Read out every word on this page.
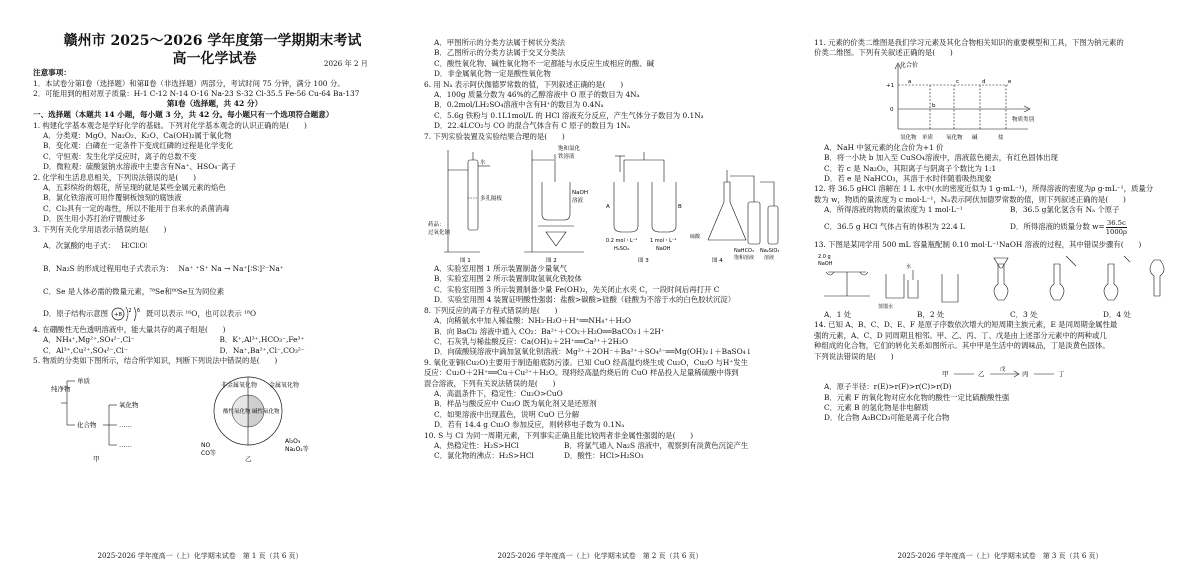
赣州市 2025～2026 学年度第一学期期末考试
高一化学试卷	2026 年 2 月
注意事项：
1．本试卷分第Ⅰ卷（选择题）和第Ⅱ卷（非选择题）两部分，考试时间 75 分钟，满分 100 分。
2．可能用到的相对原子质量：H-1 C-12 N-14 O-16 Na-23 S-32 Cl-35.5 Fe-56 Cu-64 Ba-137
第Ⅰ卷（选择题，共 42 分）
一、选择题（本题共 14 小题，每小题 3 分，共 42 分。每小题只有一个选项符合题意）
1. 构建化学基本观念是学好化学的基础。下列对化学基本观念的认识正确的是(　　)
A．分类观：MgO、Na₂O₂、K₂O、Ca(OH)₂属于氧化物
B．变化观：白磷在一定条件下变成红磷的过程是化学变化
C．守恒观：发生化学反应时，离子的总数不变
D．微粒观：硫酸氢钠水溶液中主要含有Na⁺、HSO₄⁻离子
2. 化学和生活息息相关，下列说法错误的是(　　)
A．五彩缤纷的烟花，所呈现的就是某些金属元素的焰色
B．氯化铁溶液可用作覆铜板蚀刻的腐蚀液
C．Cl₂具有一定的毒性，所以不能用于自来水的杀菌消毒
D．医生用小苏打治疗胃酸过多
3. 下列有关化学用语表示错误的是(　　)
A．次氯酸的电子式： H∶Cl∶O∶
B．Na₂S 的形成过程用电子式表示为： Na⁺ ⁺S⁺ Na → Na⁺[∶S∶]²⁻Na⁺
C．Se 是人体必需的微量元素，⁷⁸Se和⁸⁰Se互为同位素
D．原子结构示意图 +8
2 6 既可以表示 ¹⁶O，也可以表示 ¹⁸O
4. 在硼酸性无色透明溶液中，能大量共存的离子组是(　　)
A．NH₄⁺,Mg²⁺,SO₄²⁻,Cl⁻	B．K⁺,Al³⁺,HCO₃⁻,Fe³⁺
C．Al³⁺,Cu²⁺,SO₄²⁻,Cl⁻	D．Na⁺,Ba²⁺,Cl⁻,CO₃²⁻
5. 物质的分类如下图所示，结合所学知识，判断下列说法中错误的是(　　)
纯净物
单质
化合物
氧化物
……
……
甲
非金属氧化物 金属氧化物
碱性氧化物
酸性氧化物
NO
CO等
Al₂O₃
Na₂O₂等
乙
2025-2026 学年度高一（上）化学期末试卷　第 1 页（共 6 页）
A．甲图所示的分类方法属于树状分类法
B．乙图所示的分类方法属于交叉分类法
C．酸性氧化物、碱性氧化物不一定都能与水反应生成相应的酸、碱
D．非金属氧化物一定是酸性氧化物
6. 用 Nₐ 表示阿伏伽德罗常数的值，下列叙述正确的是(　　)
A．100g 质量分数为 46%的乙醇溶液中 O 原子的数目为 4Nₐ
B．0.2mol/LH₂SO₄溶液中含有H⁺的数目为 0.4Nₐ
C．5.6g 铁粉与 0.1L1mol/L 的 HCl 溶液充分反应，产生气体分子数目为 0.1Nₐ
D．22.4LCO₂与 CO 的混合气体含有 C 原子的数目为 1Nₐ
7. 下列实验装置及实验结果合理的是(　　)
水
多孔隔板
药品：
过氧化钠
饱和氯化
铁溶液
NaOH
溶液
A	B
0.2 mol・L⁻¹
H₂SO₄
1 mol・L⁻¹
NaOH
硫酸
NaHCO₃
饱和溶液
Na₂SiO₃
溶液
图 1	图 2	图 3	图 4
A．实验室用图 1 所示装置制备少量氧气
B．实验室用图 2 所示装置制取氢氧化铁胶体
C．实验室用图 3 所示装置制备少量 Fe(OH)₂，先关闭止水夹 C，一段时间后再打开 C
D．实验室用图 4 装置证明酸性强弱：盐酸>碳酸>硅酸（硅酸为不溶于水的白色胶状沉淀）
8. 下列反应的离子方程式错误的是(　　)
A．向稀氨水中加入稀盐酸：NH₃·H₂O＋H⁺══NH₄⁺＋H₂O
B．向 BaCl₂ 溶液中通入 CO₂：Ba²⁺＋CO₂＋H₂O══BaCO₃↓＋2H⁺
C．石灰乳与稀盐酸反应：Ca(OH)₂＋2H⁺══Ca²⁺＋2H₂O
D．向硫酸镁溶液中滴加氢氧化钡溶液：Mg²⁺＋2OH⁻＋Ba²⁺＋SO₄²⁻══Mg(OH)₂↓＋BaSO₄↓
9. 氧化亚铜(Cu₂O)主要用于制造船底防污漆。已知 CuO 经高温灼烧生成 Cu₂O，Cu₂O 与H⁺发生
反应：Cu₂O＋2H⁺══Cu＋Cu²⁺＋H₂O。现将经高温灼烧后的 CuO 样品投入足量稀硫酸中得到
混合溶液，下列有关说法错误的是(　　)
A．高温条件下，稳定性：Cu₂O>CuO
B．样品与酸反应中 Cu₂O 既为氧化剂又是还原剂
C．如果溶液中出现蓝色，说明 CuO 已分解
D．若有 14.4 g Cu₂O 参加反应，则转移电子数为 0.1Nₐ
10. S 与 Cl 为同一周期元素，下列事实正确且能比较两者非金属性强弱的是(　　)
A．热稳定性：H₂S>HCl	B．将氯气通入 Na₂S 溶液中，观察到有淡黄色沉淀产生
C．氯化物的沸点：H₂S>HCl	D．酸性：HCl>H₂SO₃
2025-2026 学年度高一（上）化学期末试卷　第 2 页（共 6 页）
11. 元素的价类二维图是我们学习元素及其化合物相关知识的重要模型和工具，下图为钠元素的
价类二维图。下列有关叙述正确的是(　　)
化合价
+1
0
物质类别
氢化物 单质 氧化物 碱	盐
a
b
c	d	e
A．NaH 中氢元素的化合价为+1 价
B．将一小块 b 加入至 CuSO₄溶液中，溶液蓝色褪去，有红色固体出现
C．若 c 是 Na₂O₂，其阳离子与阴离子个数比为 1:1
D．若 e 是 NaHCO₃，其溶于水时伴随着吸热现象
12. 将 36.5 gHCl 溶解在 1 L 水中(水的密度近似为 1 g·mL⁻¹)，所得溶液的密度为ρ g·mL⁻¹，质量分
数为 w，物质的量浓度为 c mol·L⁻¹，Nₐ表示阿伏加德罗常数的值，则下列叙述正确的是(　　)
A．所得溶液的物质的量浓度为 1 mol·L⁻¹	B．36.5 g氯化氢含有 Nₐ 个原子
C．36.5 g HCl 气体占有的体积为 22.4 L	D．所得溶液的质量分数 $w= \frac{36.5c}{1000\rho}$
13. 下图是某同学用 500 mL 容量瓶配制 0.10 mol·L⁻¹NaOH 溶液的过程，其中错误步骤有(　　)
2.0 g
NaOH	水
蒸馏水
A．1 处	B．2 处	C．3 处	D．4 处
14. 已知 A、B、C、D、E、F 是原子序数依次增大的短周期主族元素，E 是同周期金属性最
强的元素，A、C、D 同周期且相邻。甲、乙、丙、丁、戊是由上述部分元素中的两种或几
种组成的化合物，它们的转化关系如图所示。其中甲是生活中的调味品，丁是淡黄色固体。
下列说法错误的是(　　)
甲	乙	戊	丙	丁
A．原子半径：r(E)>r(F)>r(C)>r(D)
B．元素 F 的氧化物对应水化物的酸性一定比硫酸酸性强
C．元素 B 的氢化物是非电解质
D．化合物 A₃BCD₃可能是离子化合物
2025-2026 学年度高一（上）化学期末试卷　第 3 页（共 6 页）
